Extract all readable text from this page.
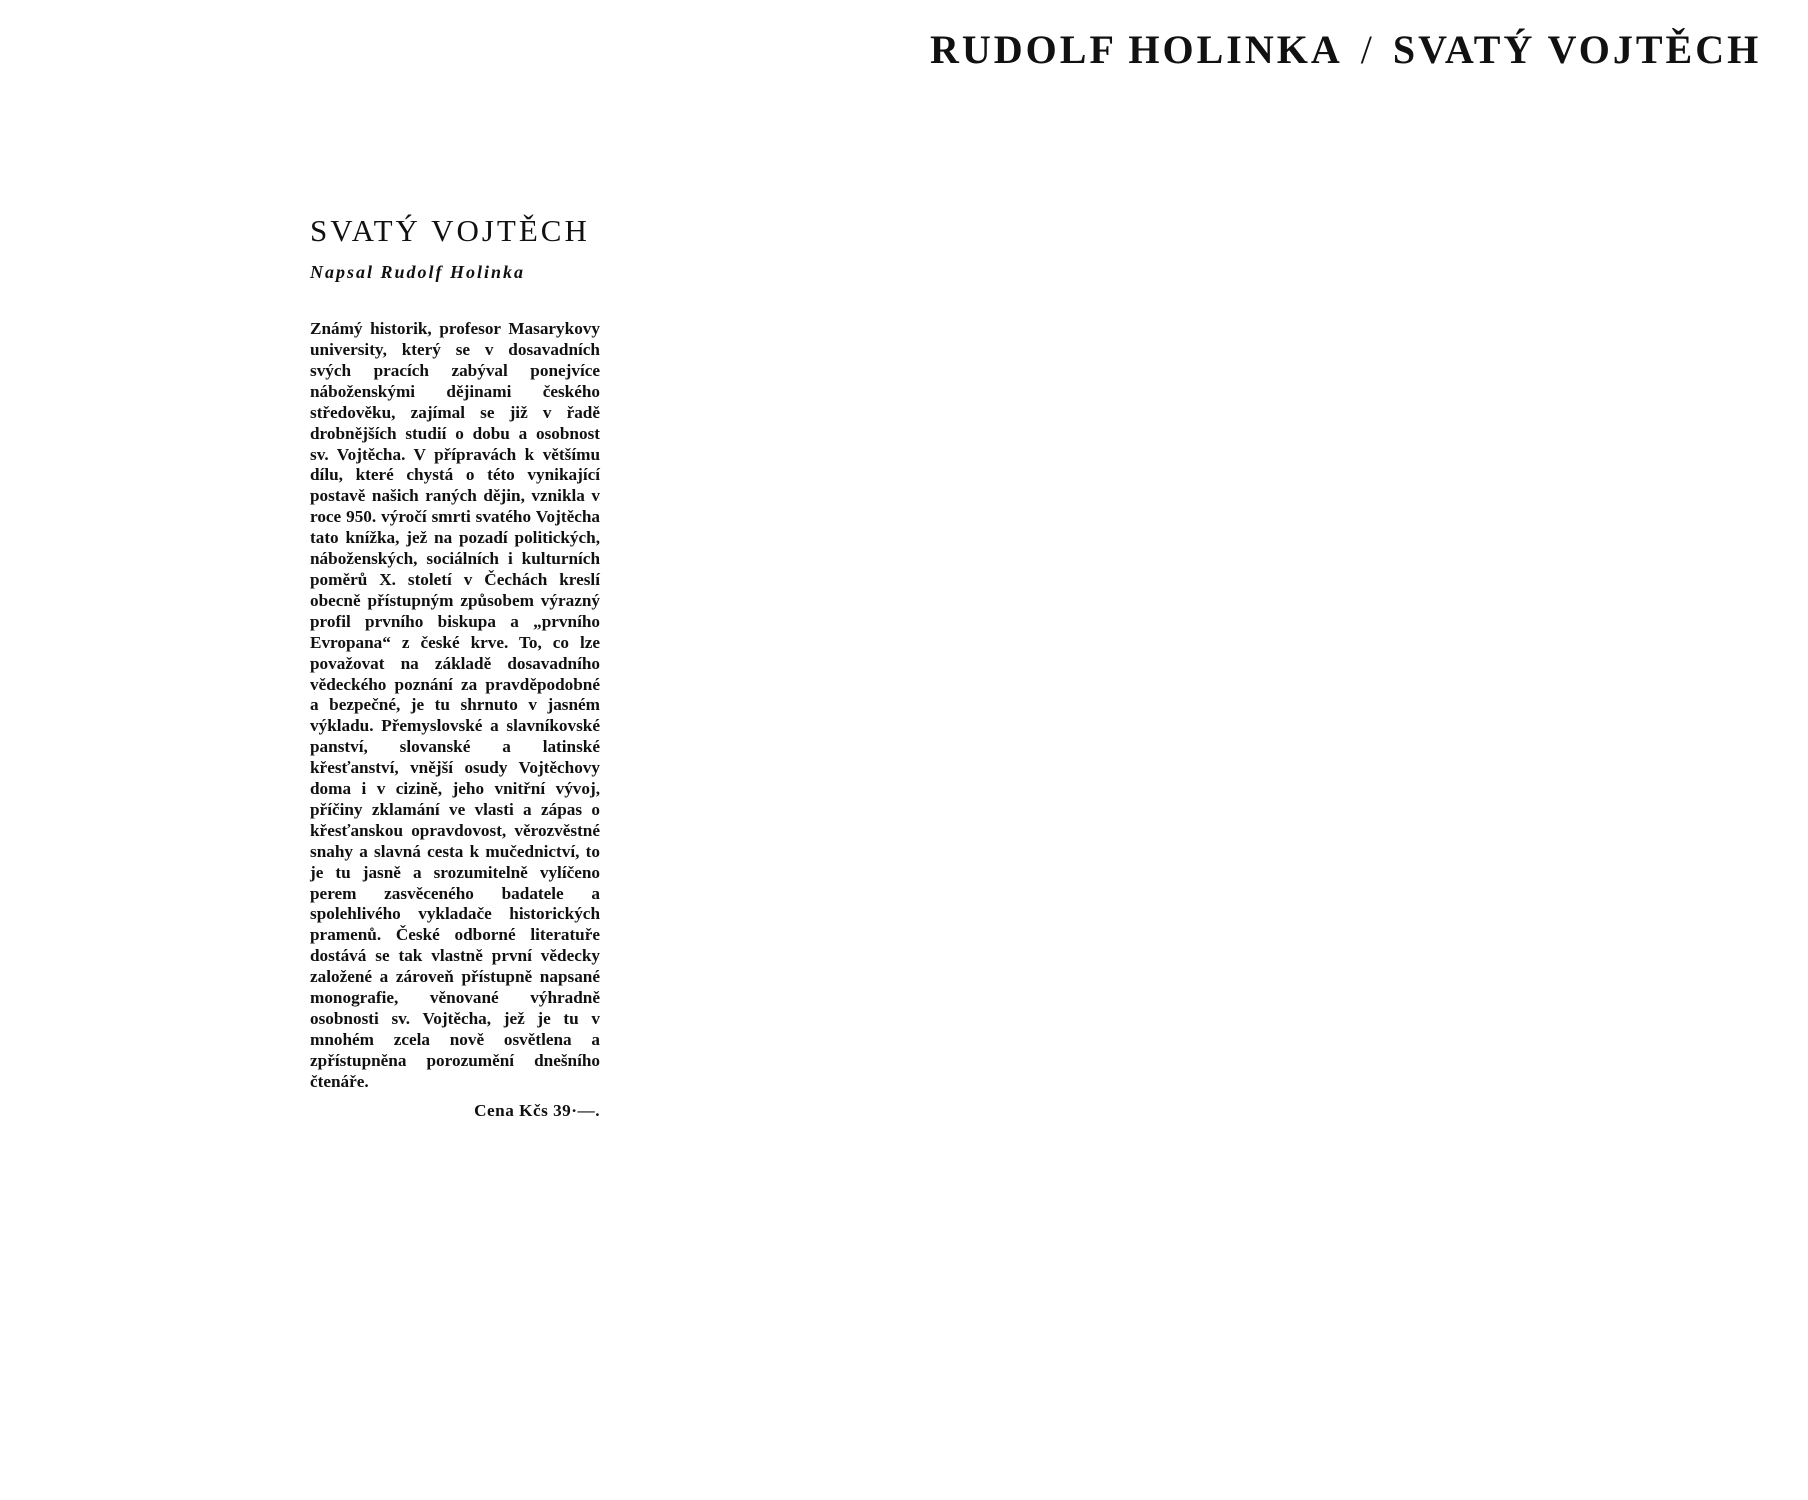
RUDOLF HOLINKA / SVATÝ VOJTĚCH
SVATÝ VOJTĚCH
Napsal Rudolf Holinka

Známý historik, profesor Masarykovy university, který se v dosavadních svých pracích zabýval ponejvíce náboženskými dějinami českého středověku, zajímal se již v řadě drobnějších studií o dobu a osobnost sv. Vojtěcha. V přípravách k většímu dílu, které chystá o této vynikající postavě našich raných dějin, vznikla v roce 950. výročí smrti svatého Vojtěcha tato knížka, jež na pozadí politických, náboženských, sociálních i kulturních poměrů X. století v Čechách kreslí obecně přístupným způsobem výrazný profil prvního biskupa a „prvního Evropana“ z české krve. To, co lze považovat na základě dosavadního vědeckého poznání za pravděpodobné a bezpečné, je tu shrnuto v jasném výkladu. Přemyslovské a slavníkovské panství, slovanské a latinské křesťanství, vnější osudy Vojtěchovy doma i v cizině, jeho vnitřní vývoj, příčiny zklamání ve vlasti a zápas o křesťanskou opravdovost, věrozvěstné snahy a slavná cesta k mučednictví, to je tu jasně a srozumitelně vylíčeno perem zasvěceného badatele a spolehlivého vykladače historických pramenů. České odborné literatuře dostává se tak vlastně první vědecky založené a zároveň přístupně napsané monografie, věnované výhradně osobnosti sv. Vojtěcha, jež je tu v mnohém zcela nově osvětlena a zpřístupněna porozumění dnešního čtenáře.

Cena Kčs 39·—.
